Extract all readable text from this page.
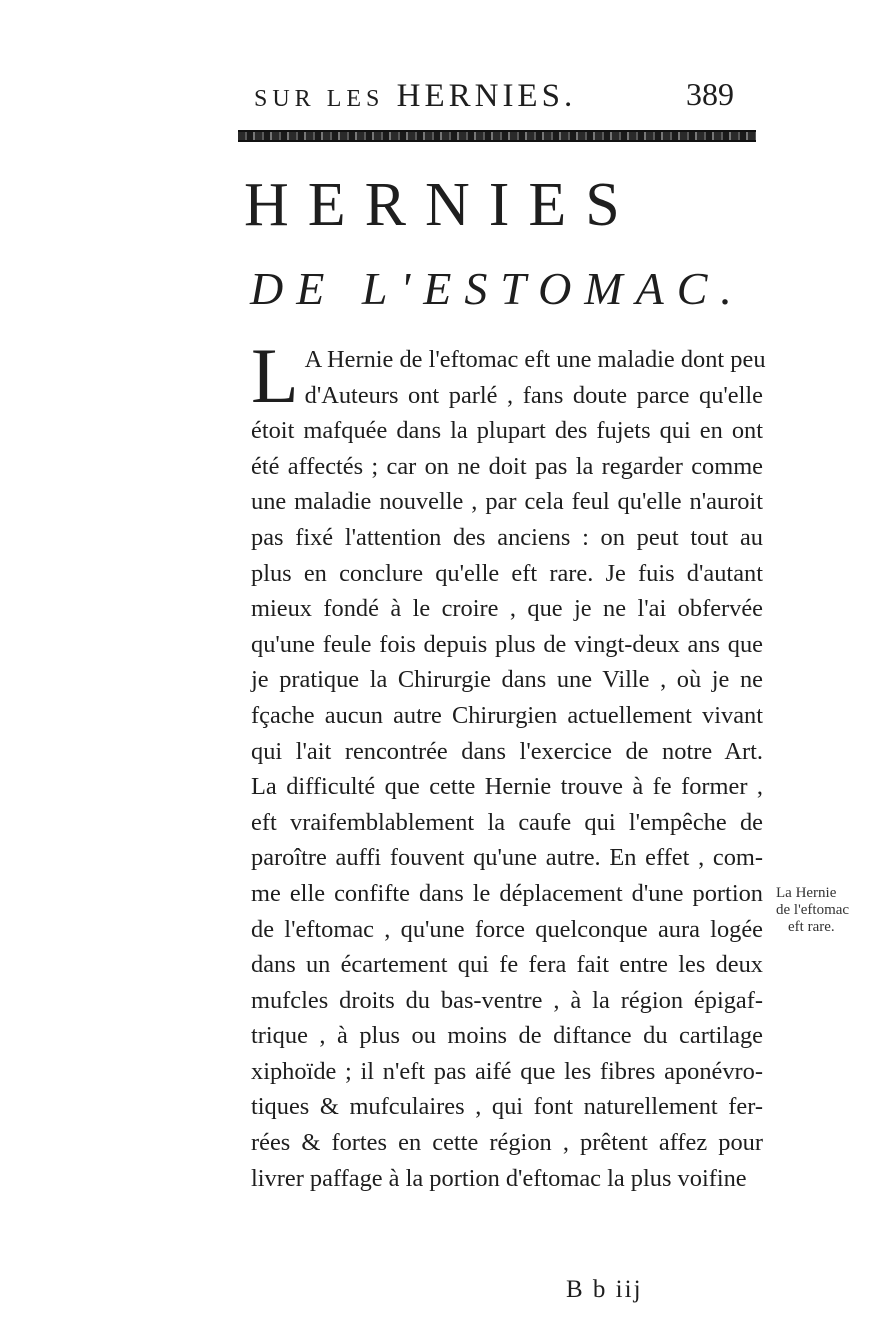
SUR LES HERNIES.	389
HERNIES
DE L'ESTOMAC.
L A Hernie de l'eftomac eft une maladie dont peu
d'Auteurs ont parlé , fans doute parce qu'elle
étoit mafquée dans la plupart des fujets qui en ont
été affectés ; car on ne doit pas la regarder comme
une maladie nouvelle , par cela feul qu'elle n'auroit
pas fixé l'attention des anciens : on peut tout au
plus en conclure qu'elle eft rare. Je fuis d'autant
mieux fondé à le croire , que je ne l'ai obfervée
qu'une feule fois depuis plus de vingt-deux ans que
je pratique la Chirurgie dans une Ville , où je ne
fçache aucun autre Chirurgien actuellement vivant
qui l'ait rencontrée dans l'exercice de notre Art.
La difficulté que cette Hernie trouve à fe former ,
eft vraifemblablement la caufe qui l'empêche de
paroître auffi fouvent qu'une autre. En effet , com-
me elle confifte dans le déplacement d'une portion
de l'eftomac , qu'une force quelconque aura logée
dans un écartement qui fe fera fait entre les deux
mufcles droits du bas-ventre , à la région épigaf-
trique , à plus ou moins de diftance du cartilage
xiphoïde ; il n'eft pas aifé que les fibres aponévro-
tiques & mufculaires , qui font naturellement fer-
rées & fortes en cette région , prêtent affez pour
livrer paffage à la portion d'eftomac la plus voifine
La Hernie
de l'eftomac
eft rare.
B b iij
